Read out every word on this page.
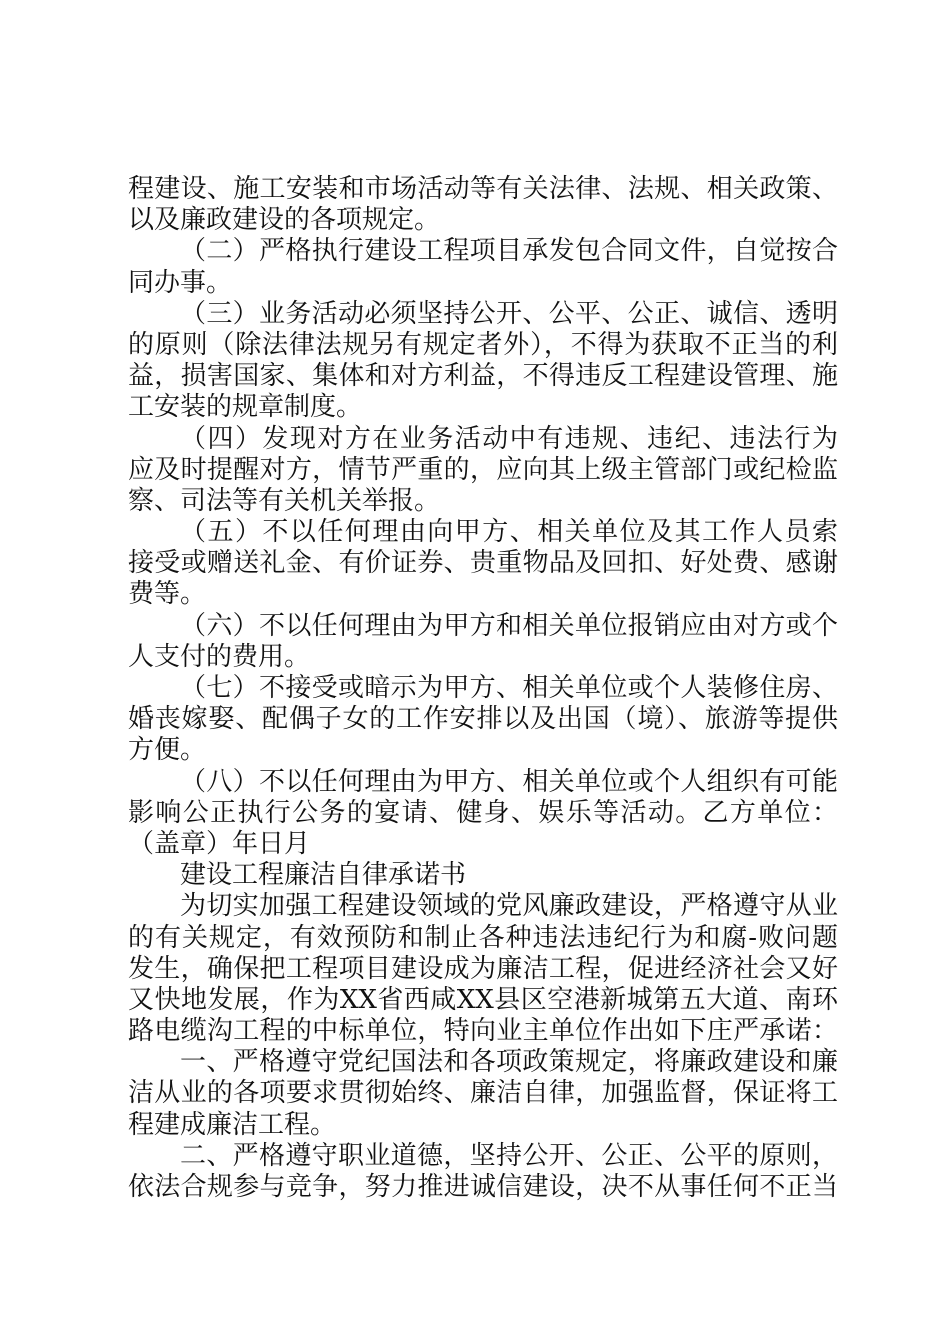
程建设、施工安装和市场活动等有关法律、法规、相关政策、
以及廉政建设的各项规定。
（二）严格执行建设工程项目承发包合同文件，自觉按合
同办事。
（三）业务活动必须坚持公开、公平、公正、诚信、透明
的原则（除法律法规另有规定者外），不得为获取不正当的利
益，损害国家、集体和对方利益，不得违反工程建设管理、施
工安装的规章制度。
（四）发现对方在业务活动中有违规、违纪、违法行为
应及时提醒对方，情节严重的，应向其上级主管部门或纪检监
察、司法等有关机关举报。
（五）不以任何理由向甲方、相关单位及其工作人员索
接受或赠送礼金、有价证券、贵重物品及回扣、好处费、感谢
费等。
（六）不以任何理由为甲方和相关单位报销应由对方或个
人支付的费用。
（七）不接受或暗示为甲方、相关单位或个人装修住房、
婚丧嫁娶、配偶子女的工作安排以及出国（境）、旅游等提供
方便。
（八）不以任何理由为甲方、相关单位或个人组织有可能
影响公正执行公务的宴请、健身、娱乐等活动。乙方单位：
（盖章）年日月
建设工程廉洁自律承诺书
为切实加强工程建设领域的党风廉政建设，严格遵守从业
的有关规定，有效预防和制止各种违法违纪行为和腐-败问题
发生，确保把工程项目建设成为廉洁工程，促进经济社会又好
又快地发展，作为XX省西咸XX县区空港新城第五大道、南环
路电缆沟工程的中标单位，特向业主单位作出如下庄严承诺：
一、严格遵守党纪国法和各项政策规定，将廉政建设和廉
洁从业的各项要求贯彻始终、廉洁自律，加强监督，保证将工
程建成廉洁工程。
二、严格遵守职业道德，坚持公开、公正、公平的原则，
依法合规参与竞争，努力推进诚信建设，决不从事任何不正当
